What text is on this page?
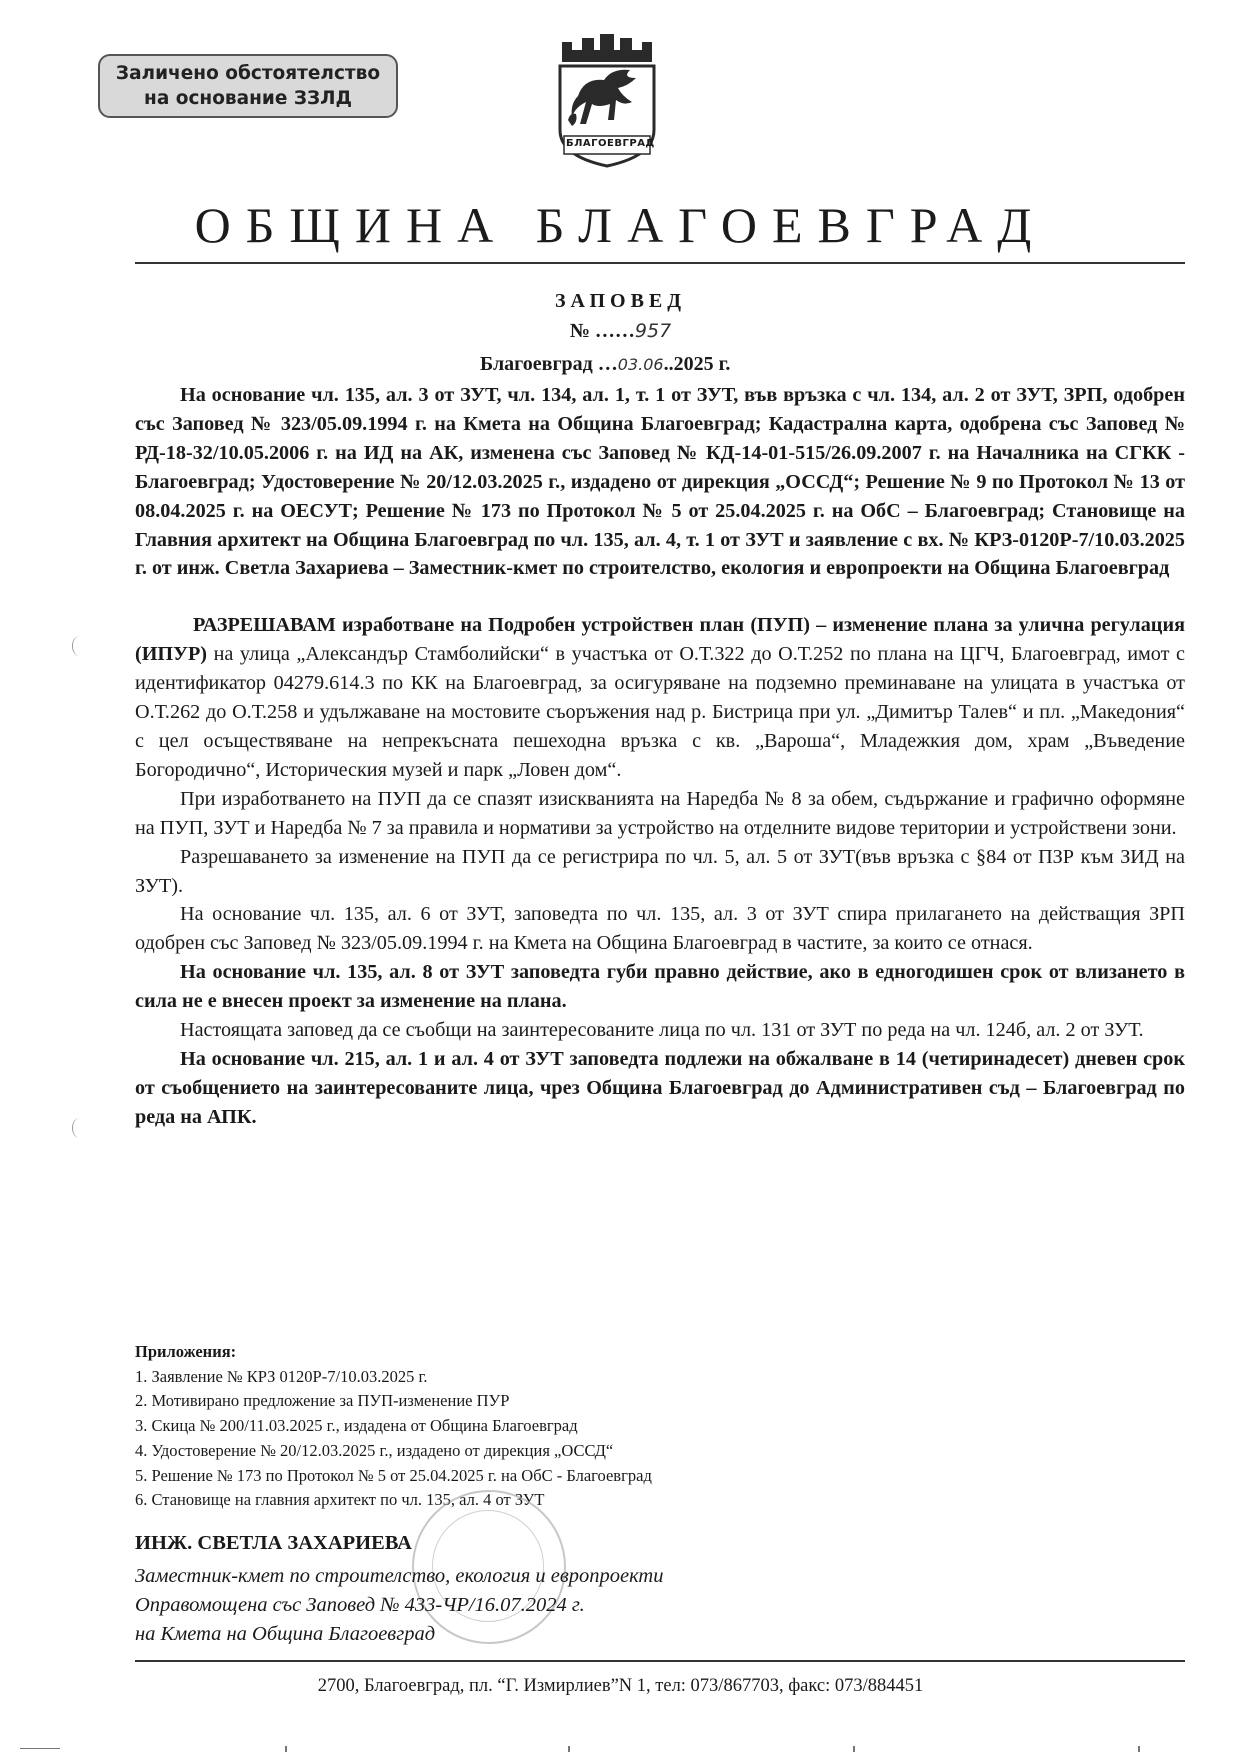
Заличено обстоятелство
на основание ЗЗЛД
БЛАГОЕВГРАД
ОБЩИНА БЛАГОЕВГРАД
ЗАПОВЕД
№ ……957
Благоевград …03.06..2025 г.

На основание чл. 135, ал. 3 от ЗУТ, чл. 134, ал. 1, т. 1 от ЗУТ, във връзка с чл. 134, ал. 2 от ЗУТ, ЗРП, одобрен със Заповед № 323/05.09.1994 г. на Кмета на Община Благоевград; Кадастрална карта, одобрена със Заповед № РД-18-32/10.05.2006 г. на ИД на АК, изменена със Заповед № КД-14-01-515/26.09.2007 г. на Началника на СГКК - Благоевград; Удостоверение № 20/12.03.2025 г., издадено от дирекция „ОССД“; Решение № 9 по Протокол № 13 от 08.04.2025 г. на ОЕСУТ; Решение № 173 по Протокол № 5 от 25.04.2025 г. на ОбС – Благоевград; Становище на Главния архитект на Община Благоевград по чл. 135, ал. 4, т. 1 от ЗУТ и заявление с вх. № КРЗ-0120Р-7/10.03.2025 г. от инж. Светла Захариева – Заместник-кмет по строителство, екология и европроекти на Община Благоевград

РАЗРЕШАВАМ изработване на Подробен устройствен план (ПУП) – изменение плана за улична регулация (ИПУР) на улица „Александър Стамболийски“ в участъка от О.Т.322 до О.Т.252 по плана на ЦГЧ, Благоевград, имот с идентификатор 04279.614.3 по КК на Благоевград, за осигуряване на подземно преминаване на улицата в участъка от О.Т.262 до О.Т.258 и удължаване на мостовите съоръжения над р. Бистрица при ул. „Димитър Талев“ и пл. „Македония“ с цел осъществяване на непрекъсната пешеходна връзка с кв. „Вароша“, Младежкия дом, храм „Въведение Богородично“, Историческия музей и парк „Ловен дом“.

При изработването на ПУП да се спазят изискванията на Наредба № 8 за обем, съдържание и графично оформяне на ПУП, ЗУТ и Наредба № 7 за правила и нормативи за устройство на отделните видове територии и устройствени зони.

Разрешаването за изменение на ПУП да се регистрира по чл. 5, ал. 5 от ЗУТ(във връзка с §84 от ПЗР към ЗИД на ЗУТ).

На основание чл. 135, ал. 6 от ЗУТ, заповедта по чл. 135, ал. 3 от ЗУТ спира прилагането на действащия ЗРП одобрен със Заповед № 323/05.09.1994 г. на Кмета на Община Благоевград в частите, за които се отнася.

На основание чл. 135, ал. 8 от ЗУТ заповедта губи правно действие, ако в едногодишен срок от влизането в сила не е внесен проект за изменение на плана.

Настоящата заповед да се съобщи на заинтересованите лица по чл. 131 от ЗУТ по реда на чл. 124б, ал. 2 от ЗУТ.

На основание чл. 215, ал. 1 и ал. 4 от ЗУТ заповедта подлежи на обжалване в 14 (четиринадесет) дневен срок от съобщението на заинтересованите лица, чрез Община Благоевград до Административен съд – Благоевград по реда на АПК.

Приложения:
1. Заявление № КРЗ 0120Р-7/10.03.2025 г.
2. Мотивирано предложение за ПУП-изменение ПУР
3. Скица № 200/11.03.2025 г., издадена от Община Благоевград
4. Удостоверение № 20/12.03.2025 г., издадено от дирекция „ОССД“
5. Решение № 173 по Протокол № 5 от 25.04.2025 г. на ОбС - Благоевград
6. Становище на главния архитект по чл. 135, ал. 4 от ЗУТ
ИНЖ. СВЕТЛА ЗАХАРИЕВА
Заместник-кмет по строителство, екология и европроекти
Оправомощена със Заповед № 433-ЧР/16.07.2024 г.
на Кмета на Община Благоевград
2700, Благоевград, пл. “Г. Измирлиев”N 1, тел: 073/867703, факс: 073/884451
